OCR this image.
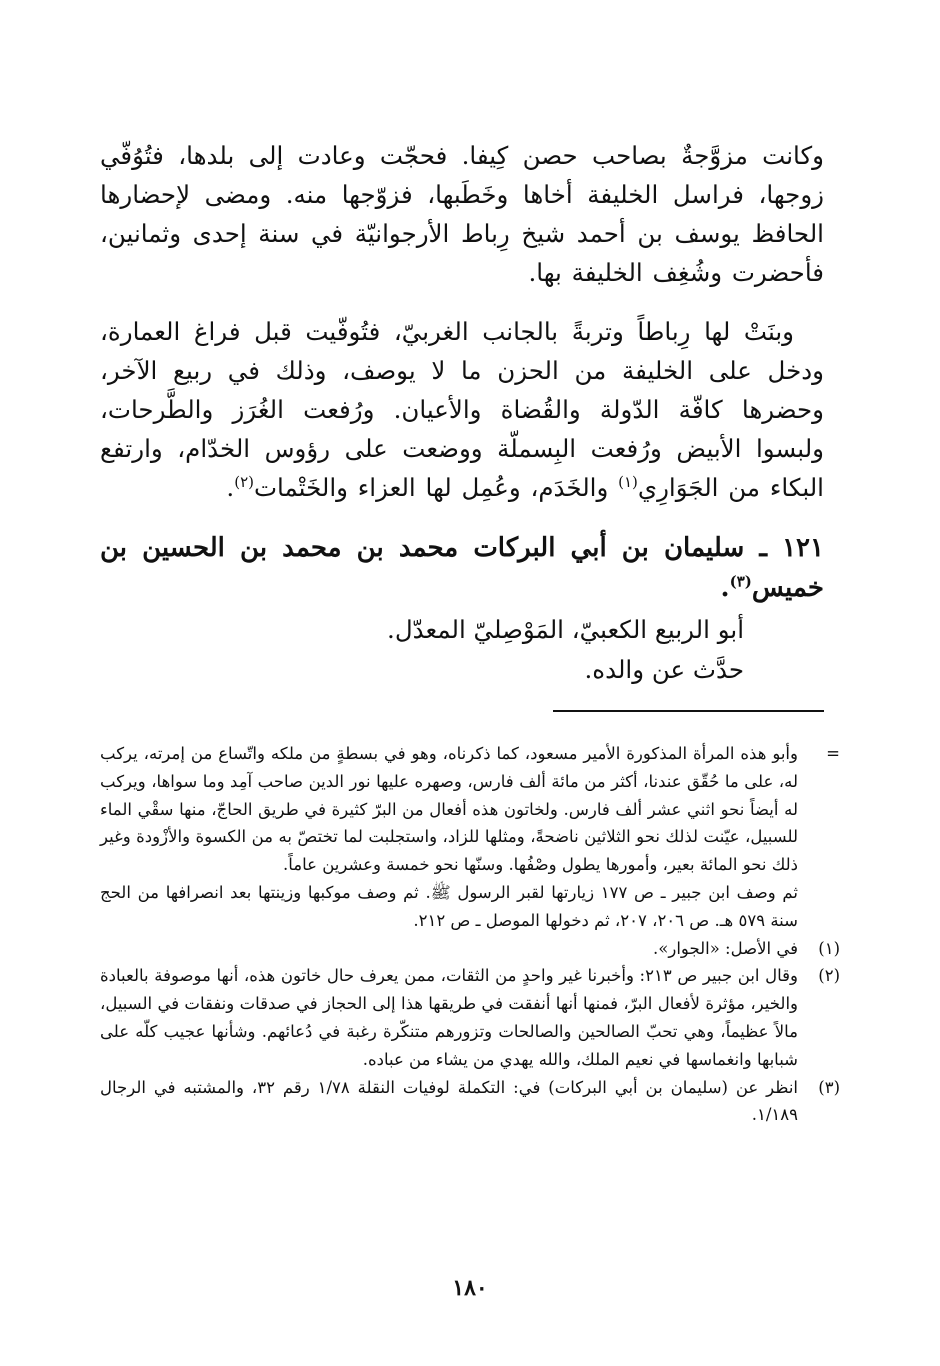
وكانت مزوَّجةٌ بصاحب حصن كِيفا. فحجّت وعادت إلى بلدها، فتُوُفّي زوجها، فراسل الخليفة أخاها وخَطَبها، فزوّجها منه. ومضى لإحضارها الحافظ يوسف بن أحمد شيخ رِباط الأرجوانيّة في سنة إحدى وثمانين، فأحضرت وشُغِف الخليفة بها.

وبنَتْ لها رِباطاً وتربةً بالجانب الغربيّ، فتُوفّيت قبل فراغ العمارة، ودخل على الخليفة من الحزن ما لا يوصف، وذلك في ربيع الآخر، وحضرها كافّة الدّولة والقُضاة والأعيان. ورُفعت الغُرَز والطَّرحات، ولبسوا الأبيض ورُفعت البِسملّة ووضعت على رؤوس الخدّام، وارتفع البكاء من الجَوَارِي$^{(١)}$ والخَدَم، وعُمِل لها العزاء والخَتْمات$^{(٢)}$.

١٢١ ـ سليمان بن أبي البركات محمد بن محمد بن الحسين بن خميس$^{(٣)}$.

أبو الربيع الكعبيّ، المَوْصِليّ المعدّل.

حدَّث عن والده.

=
وأبو هذه المرأة المذكورة الأمير مسعود، كما ذكرناه، وهو في بسطةٍ من ملكه واتّساع من إمرته، يركب له، على ما حُقّق عندنا، أكثر من مائة ألف فارس، وصهره عليها نور الدين صاحب آمِد وما سواها، ويركب له أيضاً نحو اثني عشر ألف فارس. ولخاتون هذه أفعال من البرّ كثيرة في طريق الحاجّ، منها سقْي الماء للسبيل، عيّنت لذلك نحو الثلاثين ناضحةً، ومثلها للزاد، واستجلبت لما تختصّ به من الكسوة والأزْودة وغير ذلك نحو المائة بعير، وأمورها يطول وصْفُها. وسنّها نحو خمسة وعشرين عاماً.
ثم وصف ابن جبير ـ ص ١٧٧ زيارتها لقبر الرسول ﷺ. ثم وصف موكبها وزينتها بعد انصرافها من الحج سنة ٥٧٩ هـ. ص ٢٠٦، ٢٠٧، ثم دخولها الموصل ـ ص ٢١٢.
(١)
في الأصل: «الجوار».
(٢)
وقال ابن جبير ص ٢١٣: وأخبرنا غير واحدٍ من الثقات، ممن يعرف حال خاتون هذه، أنها موصوفة بالعبادة والخير، مؤثرة لأفعال البرّ، فمنها أنها أنفقت في طريقها هذا إلى الحجاز في صدقات ونفقات في السبيل، مالاً عظيماً، وهي تحبّ الصالحين والصالحات وتزورهم متنكّرة رغبة في دُعائهم. وشأنها عجيب كلّه على شبابها وانغماسها في نعيم الملك، والله يهدي من يشاء من عباده.
(٣)
انظر عن (سليمان بن أبي البركات) في: التكملة لوفيات النقلة ١/٧٨ رقم ٣٢، والمشتبه في الرجال ١/١٨٩.
١٨٠
